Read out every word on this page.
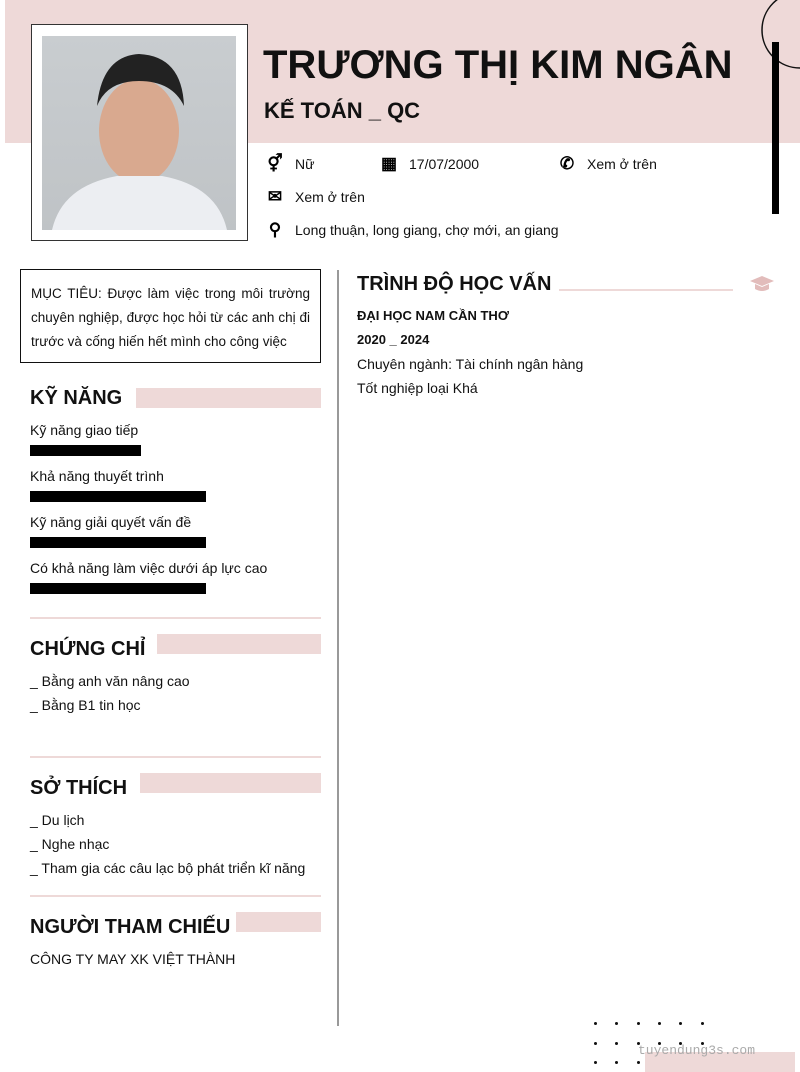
TRƯƠNG THỊ KIM NGÂN
KẾ TOÁN _ QC
⚥ Nữ	▦ 17/07/2000	✆ Xem ở trên
✉ Xem ở trên
⚲ Long thuận, long giang, chợ mới, an giang
MỤC TIÊU: Được làm việc trong môi trường chuyên nghiệp, được học hỏi từ các anh chị đi trước và cống hiến hết mình cho công việc
KỸ NĂNG
Kỹ năng giao tiếp
Khả năng thuyết trình
Kỹ năng giải quyết vấn đề
Có khả năng làm việc dưới áp lực cao
CHỨNG CHỈ
_ Bằng anh văn nâng cao
_ Bằng B1 tin học
SỞ THÍCH
_ Du lịch
_ Nghe nhạc
_ Tham gia các câu lạc bộ phát triển kĩ năng
NGƯỜI THAM CHIẾU
CÔNG TY MAY XK VIỆT THÀNH
TRÌNH ĐỘ HỌC VẤN
ĐẠI HỌC NAM CẦN THƠ
2020 _ 2024
Chuyên ngành: Tài chính ngân hàng
Tốt nghiệp loại Khá
tuyendung3s.com
